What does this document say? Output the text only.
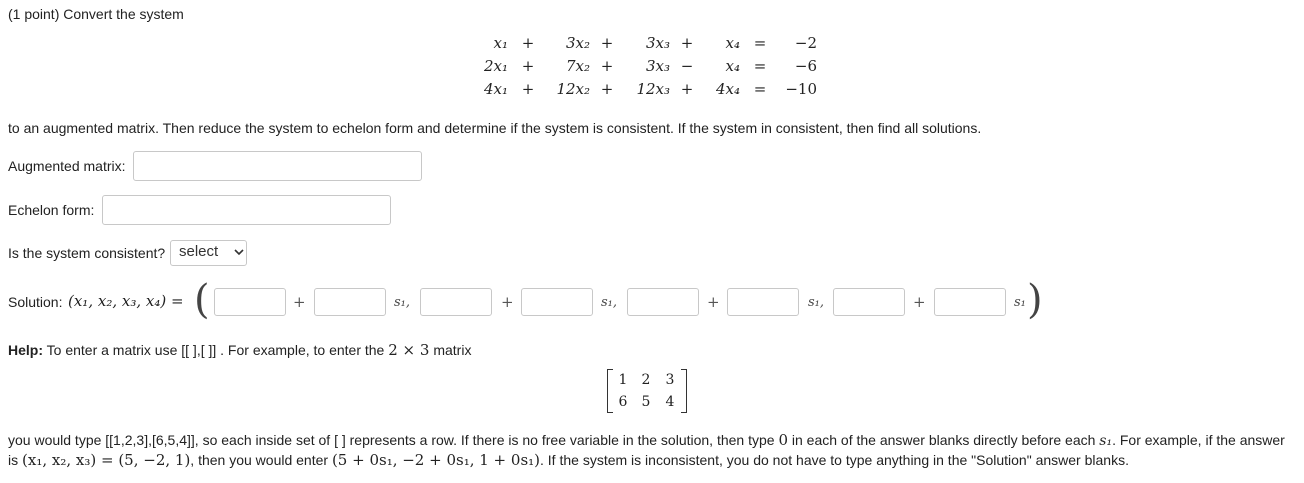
(1 point) Convert the system
x₁ +	3x₂ +	3x₃ +	x₄ =	−2
2x₁ +	7x₂ +	3x₃ −	x₄ =	−6
4x₁ +	12x₂ +	12x₃ +	4x₄ =	−10
to an augmented matrix. Then reduce the system to echelon form and determine if the system is consistent. If the system in consistent, then find all solutions.
Augmented matrix:
Echelon form:
Is the system consistent? select
Solution: (x₁, x₂, x₃, x₄) = (	+	s₁,	+	s₁,	+	s₁,	+	s₁ )
Help: To enter a matrix use [[ ],[ ]] . For example, to enter the 2 × 3 matrix
1	2	3
6	5	4
you would type [[1,2,3],[6,5,4]], so each inside set of [ ] represents a row. If there is no free variable in the solution, then type 0 in each of the answer blanks directly before each s₁. For example, if the answer
is (x₁, x₂, x₃) = (5, −2, 1), then you would enter (5 + 0s₁, −2 + 0s₁, 1 + 0s₁). If the system is inconsistent, you do not have to type anything in the "Solution" answer blanks.
